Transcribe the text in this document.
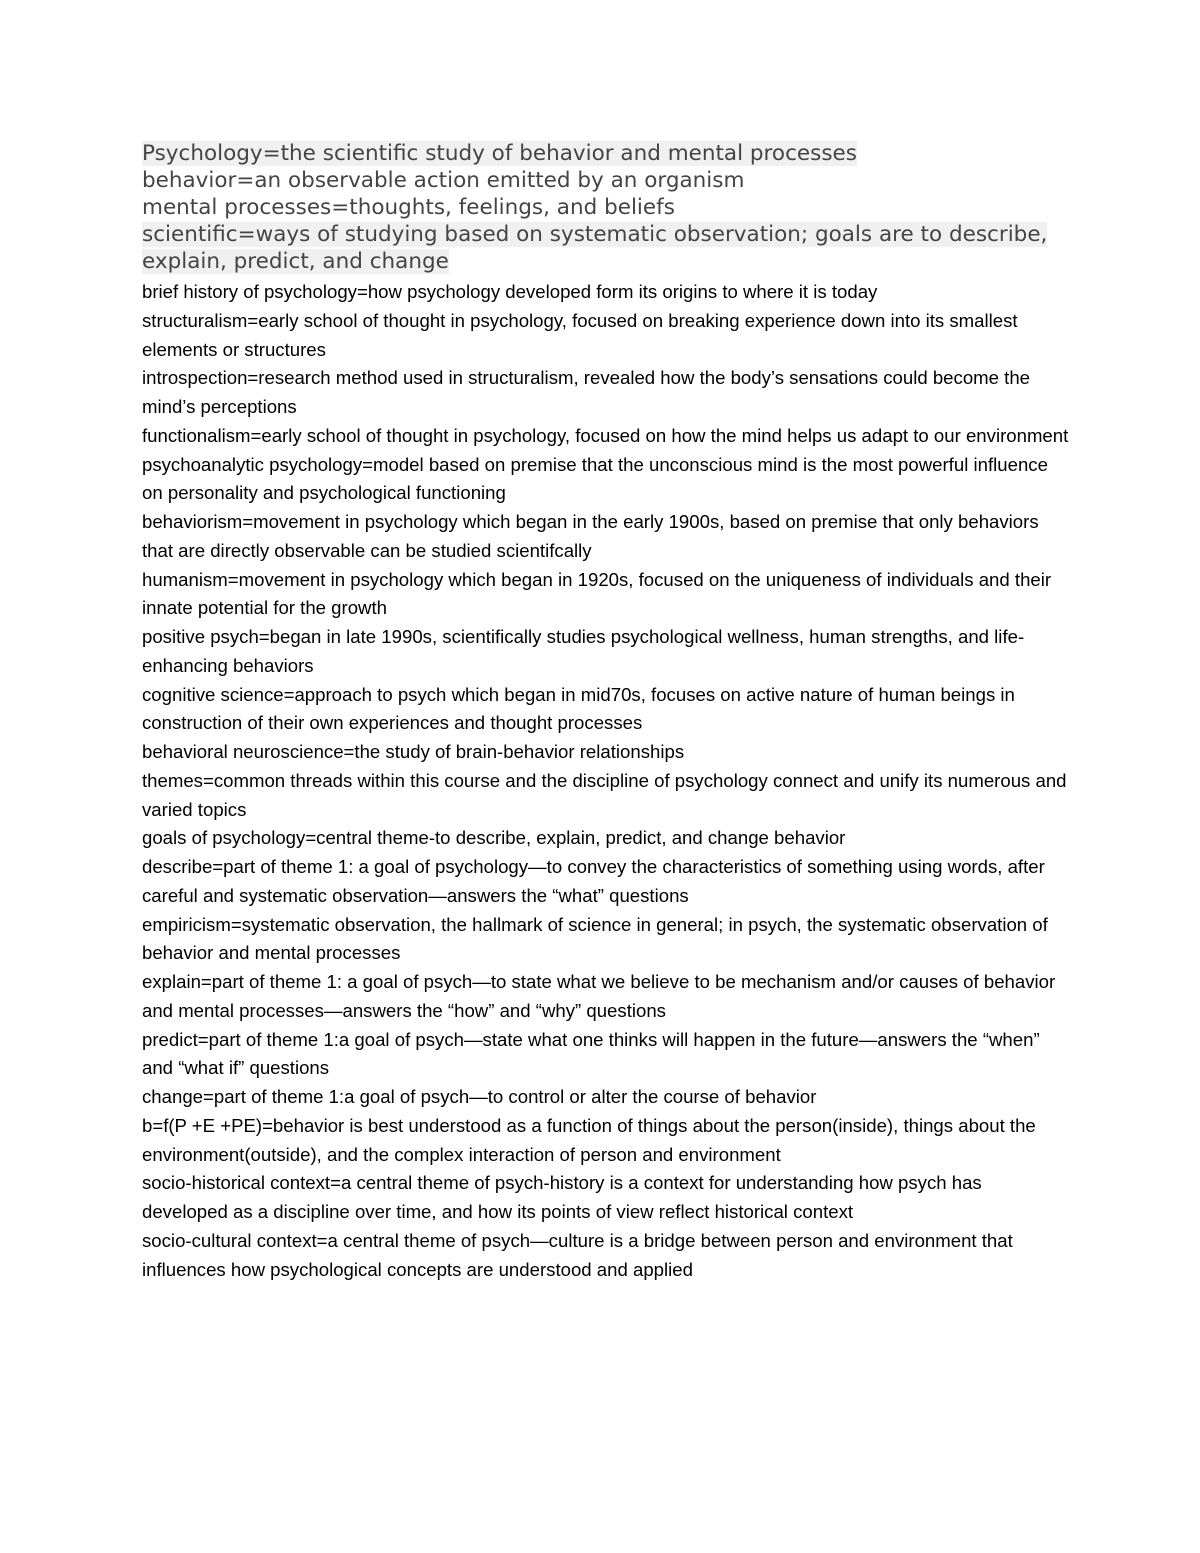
Psychology=the scientific study of behavior and mental processes

behavior=an observable action emitted by an organism

mental processes=thoughts, feelings, and beliefs

scientific=ways of studying based on systematic observation; goals are to describe, explain, predict, and change

brief history of psychology=how psychology developed form its origins to where it is today

structuralism=early school of thought in psychology, focused on breaking experience down into its smallest elements or structures

introspection=research method used in structuralism, revealed how the body’s sensations could become the mind’s perceptions

functionalism=early school of thought in psychology, focused on how the mind helps us adapt to our environment

psychoanalytic psychology=model based on premise that the unconscious mind is the most powerful influence on personality and psychological functioning

behaviorism=movement in psychology which began in the early 1900s, based on premise that only behaviors that are directly observable can be studied scientifcally

humanism=movement in psychology which began in 1920s, focused on the uniqueness of individuals and their innate potential for the growth

positive psych=began in late 1990s, scientifically studies psychological wellness, human strengths, and life-enhancing behaviors

cognitive science=approach to psych which began in mid70s, focuses on active nature of human beings in construction of their own experiences and thought processes

behavioral neuroscience=the study of brain-behavior relationships

themes=common threads within this course and the discipline of psychology connect and unify its numerous and varied topics

goals of psychology=central theme-to describe, explain, predict, and change behavior

describe=part of theme 1: a goal of psychology—to convey the characteristics of something using words, after careful and systematic observation—answers the “what” questions

empiricism=systematic observation, the hallmark of science in general; in psych, the systematic observation of behavior and mental processes

explain=part of theme 1: a goal of psych—to state what we believe to be mechanism and/or causes of behavior and mental processes—answers the “how” and “why” questions

predict=part of theme 1:a goal of psych—state what one thinks will happen in the future—answers the “when” and “what if” questions

change=part of theme 1:a goal of psych—to control or alter the course of behavior

b=f(P +E +PE)=behavior is best understood as a function of things about the person(inside), things about the environment(outside), and the complex interaction of person and environment

socio-historical context=a central theme of psych-history is a context for understanding how psych has developed as a discipline over time, and how its points of view reflect historical context

socio-cultural context=a central theme of psych—culture is a bridge between person and environment that influences how psychological concepts are understood and applied
